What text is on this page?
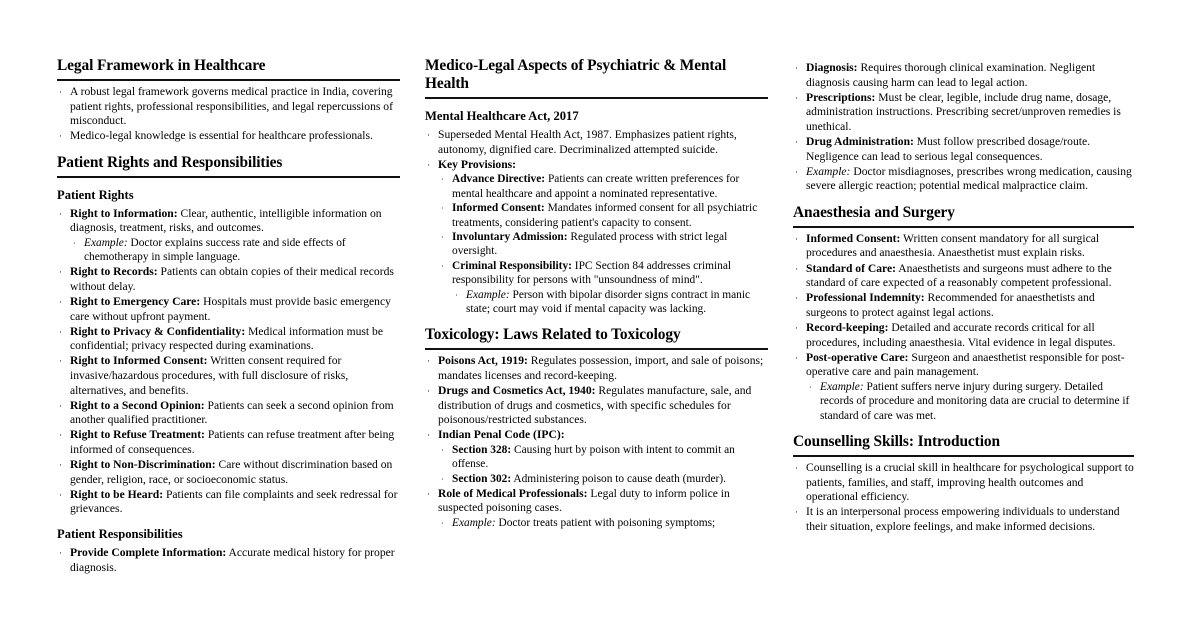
Legal Framework in Healthcare
· A robust legal framework governs medical practice in India, covering patient rights, professional responsibilities, and legal repercussions of misconduct.
· Medico-legal knowledge is essential for healthcare professionals.
Patient Rights and Responsibilities
Patient Rights
· Right to Information: Clear, authentic, intelligible information on diagnosis, treatment, risks, and outcomes.
· Example: Doctor explains success rate and side effects of chemotherapy in simple language.
· Right to Records: Patients can obtain copies of their medical records without delay.
· Right to Emergency Care: Hospitals must provide basic emergency care without upfront payment.
· Right to Privacy & Confidentiality: Medical information must be confidential; privacy respected during examinations.
· Right to Informed Consent: Written consent required for invasive/hazardous procedures, with full disclosure of risks, alternatives, and benefits.
· Right to a Second Opinion: Patients can seek a second opinion from another qualified practitioner.
· Right to Refuse Treatment: Patients can refuse treatment after being informed of consequences.
· Right to Non-Discrimination: Care without discrimination based on gender, religion, race, or socioeconomic status.
· Right to be Heard: Patients can file complaints and seek redressal for grievances.
Patient Responsibilities
· Provide Complete Information: Accurate medical history for proper diagnosis.
Medico-Legal Aspects of Psychiatric & Mental Health
Mental Healthcare Act, 2017
· Superseded Mental Health Act, 1987. Emphasizes patient rights, autonomy, dignified care. Decriminalized attempted suicide.
· Key Provisions:
· Advance Directive: Patients can create written preferences for mental healthcare and appoint a nominated representative.
· Informed Consent: Mandates informed consent for all psychiatric treatments, considering patient's capacity to consent.
· Involuntary Admission: Regulated process with strict legal oversight.
· Criminal Responsibility: IPC Section 84 addresses criminal responsibility for persons with "unsoundness of mind".
· Example: Person with bipolar disorder signs contract in manic state; court may void if mental capacity was lacking.
Toxicology: Laws Related to Toxicology
· Poisons Act, 1919: Regulates possession, import, and sale of poisons; mandates licenses and record-keeping.
· Drugs and Cosmetics Act, 1940: Regulates manufacture, sale, and distribution of drugs and cosmetics, with specific schedules for poisonous/restricted substances.
· Indian Penal Code (IPC):
· Section 328: Causing hurt by poison with intent to commit an offense.
· Section 302: Administering poison to cause death (murder).
· Role of Medical Professionals: Legal duty to inform police in suspected poisoning cases.
· Example: Doctor treats patient with poisoning symptoms;
· Diagnosis: Requires thorough clinical examination. Negligent diagnosis causing harm can lead to legal action.
· Prescriptions: Must be clear, legible, include drug name, dosage, administration instructions. Prescribing secret/unproven remedies is unethical.
· Drug Administration: Must follow prescribed dosage/route. Negligence can lead to serious legal consequences.
· Example: Doctor misdiagnoses, prescribes wrong medication, causing severe allergic reaction; potential medical malpractice claim.
Anaesthesia and Surgery
· Informed Consent: Written consent mandatory for all surgical procedures and anaesthesia. Anaesthetist must explain risks.
· Standard of Care: Anaesthetists and surgeons must adhere to the standard of care expected of a reasonably competent professional.
· Professional Indemnity: Recommended for anaesthetists and surgeons to protect against legal actions.
· Record-keeping: Detailed and accurate records critical for all procedures, including anaesthesia. Vital evidence in legal disputes.
· Post-operative Care: Surgeon and anaesthetist responsible for post-operative care and pain management.
· Example: Patient suffers nerve injury during surgery. Detailed records of procedure and monitoring data are crucial to determine if standard of care was met.
Counselling Skills: Introduction
· Counselling is a crucial skill in healthcare for psychological support to patients, families, and staff, improving health outcomes and operational efficiency.
· It is an interpersonal process empowering individuals to understand their situation, explore feelings, and make informed decisions.
